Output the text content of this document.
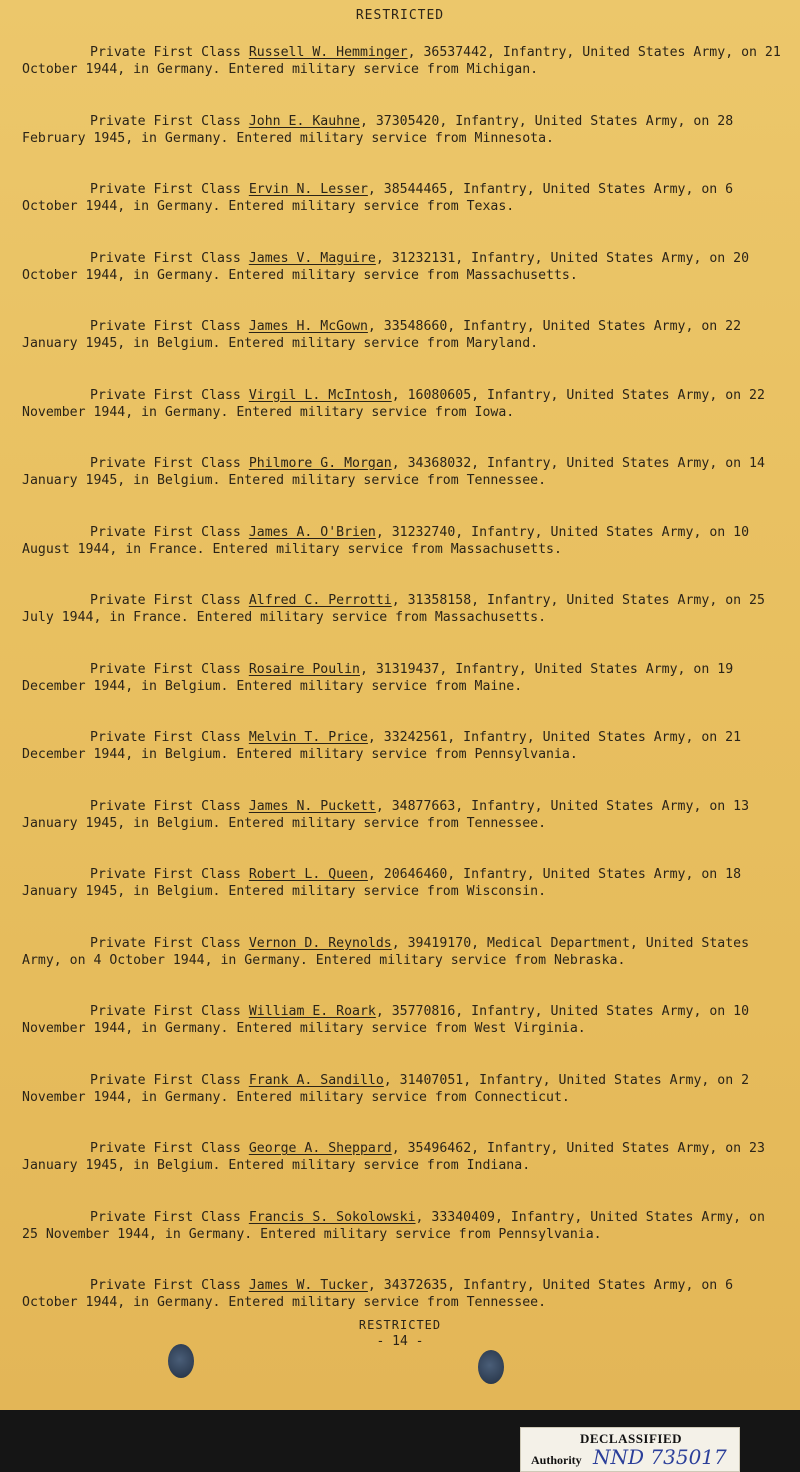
RESTRICTED

Private First Class Russell W. Hemminger, 36537442, Infantry, United States Army, on 21 October 1944, in Germany. Entered military service from Michigan.

Private First Class John E. Kauhne, 37305420, Infantry, United States Army, on 28 February 1945, in Germany. Entered military service from Minnesota.

Private First Class Ervin N. Lesser, 38544465, Infantry, United States Army, on 6 October 1944, in Germany. Entered military service from Texas.

Private First Class James V. Maguire, 31232131, Infantry, United States Army, on 20 October 1944, in Germany. Entered military service from Massachusetts.

Private First Class James H. McGown, 33548660, Infantry, United States Army, on 22 January 1945, in Belgium. Entered military service from Maryland.

Private First Class Virgil L. McIntosh, 16080605, Infantry, United States Army, on 22 November 1944, in Germany. Entered military service from Iowa.

Private First Class Philmore G. Morgan, 34368032, Infantry, United States Army, on 14 January 1945, in Belgium. Entered military service from Tennessee.

Private First Class James A. O'Brien, 31232740, Infantry, United States Army, on 10 August 1944, in France. Entered military service from Massachusetts.

Private First Class Alfred C. Perrotti, 31358158, Infantry, United States Army, on 25 July 1944, in France. Entered military service from Massachusetts.

Private First Class Rosaire Poulin, 31319437, Infantry, United States Army, on 19 December 1944, in Belgium. Entered military service from Maine.

Private First Class Melvin T. Price, 33242561, Infantry, United States Army, on 21 December 1944, in Belgium. Entered military service from Pennsylvania.

Private First Class James N. Puckett, 34877663, Infantry, United States Army, on 13 January 1945, in Belgium. Entered military service from Tennessee.

Private First Class Robert L. Queen, 20646460, Infantry, United States Army, on 18 January 1945, in Belgium. Entered military service from Wisconsin.

Private First Class Vernon D. Reynolds, 39419170, Medical Department, United States Army, on 4 October 1944, in Germany. Entered military service from Nebraska.

Private First Class William E. Roark, 35770816, Infantry, United States Army, on 10 November 1944, in Germany. Entered military service from West Virginia.

Private First Class Frank A. Sandillo, 31407051, Infantry, United States Army, on 2 November 1944, in Germany. Entered military service from Connecticut.

Private First Class George A. Sheppard, 35496462, Infantry, United States Army, on 23 January 1945, in Belgium. Entered military service from Indiana.

Private First Class Francis S. Sokolowski, 33340409, Infantry, United States Army, on 25 November 1944, in Germany. Entered military service from Pennsylvania.

Private First Class James W. Tucker, 34372635, Infantry, United States Army, on 6 October 1944, in Germany. Entered military service from Tennessee.

RESTRICTED
- 14 -
DECLASSIFIED
Authority NND 735017
